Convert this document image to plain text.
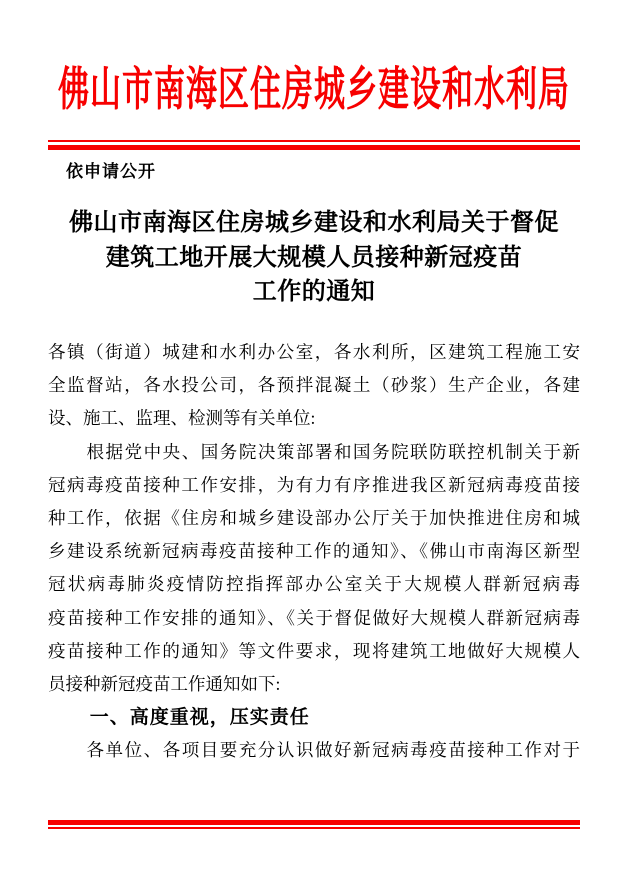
佛山市南海区住房城乡建设和水利局
依申请公开
佛山市南海区住房城乡建设和水利局关于督促
建筑工地开展大规模人员接种新冠疫苗
工作的通知
各镇（街道）城建和水利办公室，各水利所，区建筑工程施工安
全监督站，各水投公司，各预拌混凝土（砂浆）生产企业，各建
设、施工、监理、检测等有关单位:
根据党中央、国务院决策部署和国务院联防联控机制关于新
冠病毒疫苗接种工作安排，为有力有序推进我区新冠病毒疫苗接
种工作，依据《住房和城乡建设部办公厅关于加快推进住房和城
乡建设系统新冠病毒疫苗接种工作的通知》、《佛山市南海区新型
冠状病毒肺炎疫情防控指挥部办公室关于大规模人群新冠病毒
疫苗接种工作安排的通知》、《关于督促做好大规模人群新冠病毒
疫苗接种工作的通知》等文件要求，现将建筑工地做好大规模人
员接种新冠疫苗工作通知如下:
一、高度重视，压实责任
各单位、各项目要充分认识做好新冠病毒疫苗接种工作对于
